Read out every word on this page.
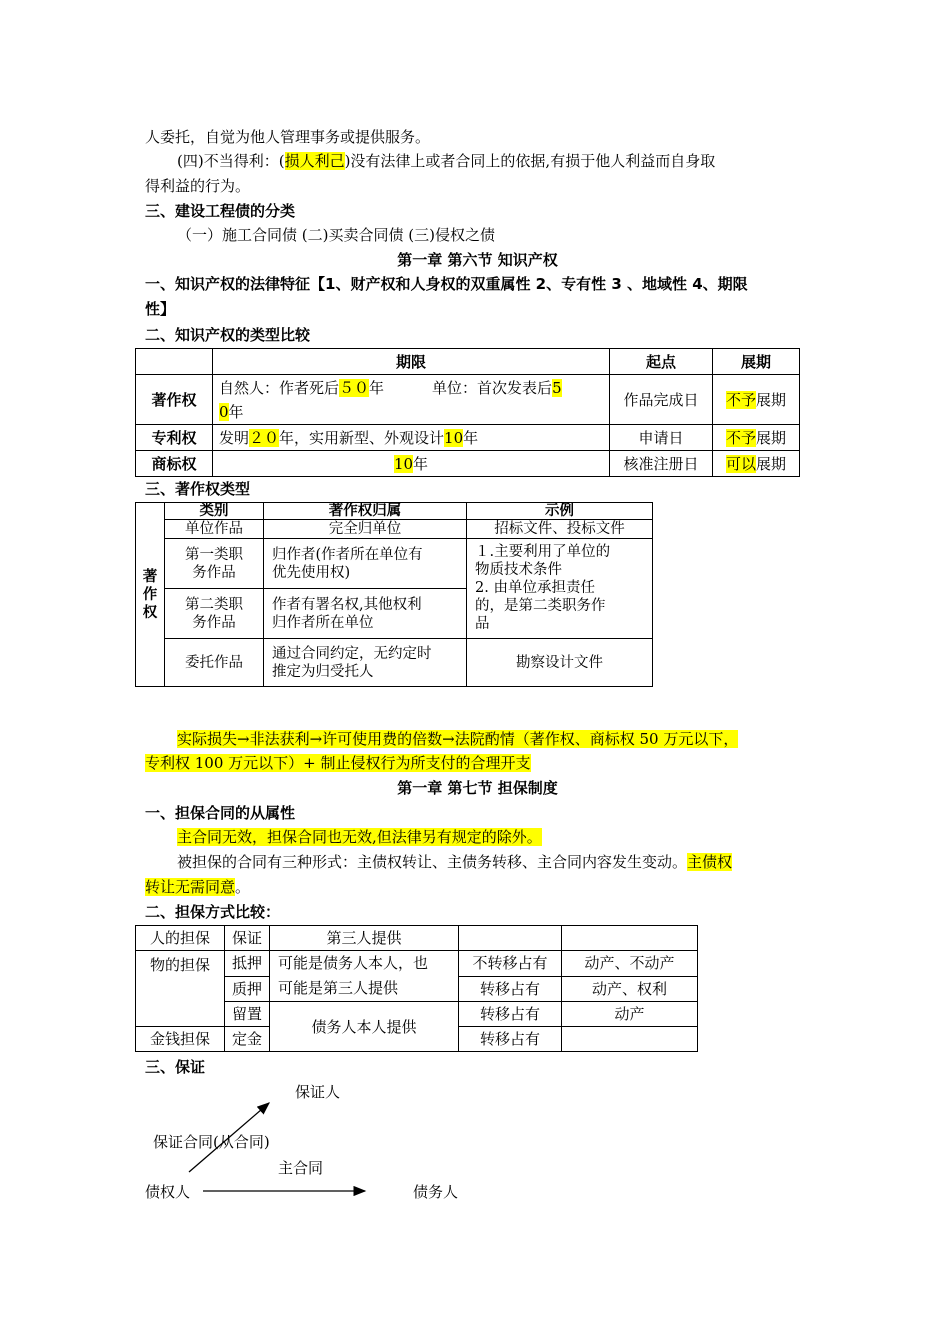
人委托，自觉为他人管理事务或提供服务。
(四)不当得利：(损人利己)没有法律上或者合同上的依据,有损于他人利益而自身取
得利益的行为。
三、建设工程债的分类
（一）施工合同债 (二)买卖合同债 (三)侵权之债
第一章 第六节 知识产权
一、知识产权的法律特征【1、财产权和人身权的双重属性 2、专有性 3 、地域性 4、期限
性】
二、知识产权的类型比较
	期限	起点	展期
著作权	自然人：作者死后５０年 单位：首次发表后5
0年	作品完成日	不予展期
专利权	发明２０年，实用新型、外观设计10年	申请日	不予展期
商标权	10年	核准注册日	可以展期
三、著作权类型
著作权	类别	著作权归属	示例
	单位作品	完全归单位	招标文件、投标文件
	第一类职
务作品	归作者(作者所在单位有
优先使用权)	１.主要利用了单位的
物质技术条件
2. 由单位承担责任
的，是第二类职务作
品
	第二类职
务作品	作者有署名权,其他权利
归作者所在单位	
	委托作品	通过合同约定，无约定时
推定为归受托人	勘察设计文件
实际损失→非法获利→许可使用费的倍数→法院酌情（著作权、商标权 50 万元以下，
专利权 100 万元以下）+ 制止侵权行为所支付的合理开支
第一章 第七节 担保制度
一、担保合同的从属性
主合同无效，担保合同也无效,但法律另有规定的除外。
被担保的合同有三种形式：主债权转让、主债务转移、主合同内容发生变动。主债权
转让无需同意。
二、担保方式比较：
人的担保	保证	第三人提供		
物的担保	抵押	可能是债务人本人，也
可能是第三人提供	不转移占有	动产、不动产
	质押		转移占有	动产、权利
	留置	债务人本人提供	转移占有	动产
金钱担保	定金		转移占有	
三、保证
保证人
保证合同(从合同)
主合同
债权人	债务人
